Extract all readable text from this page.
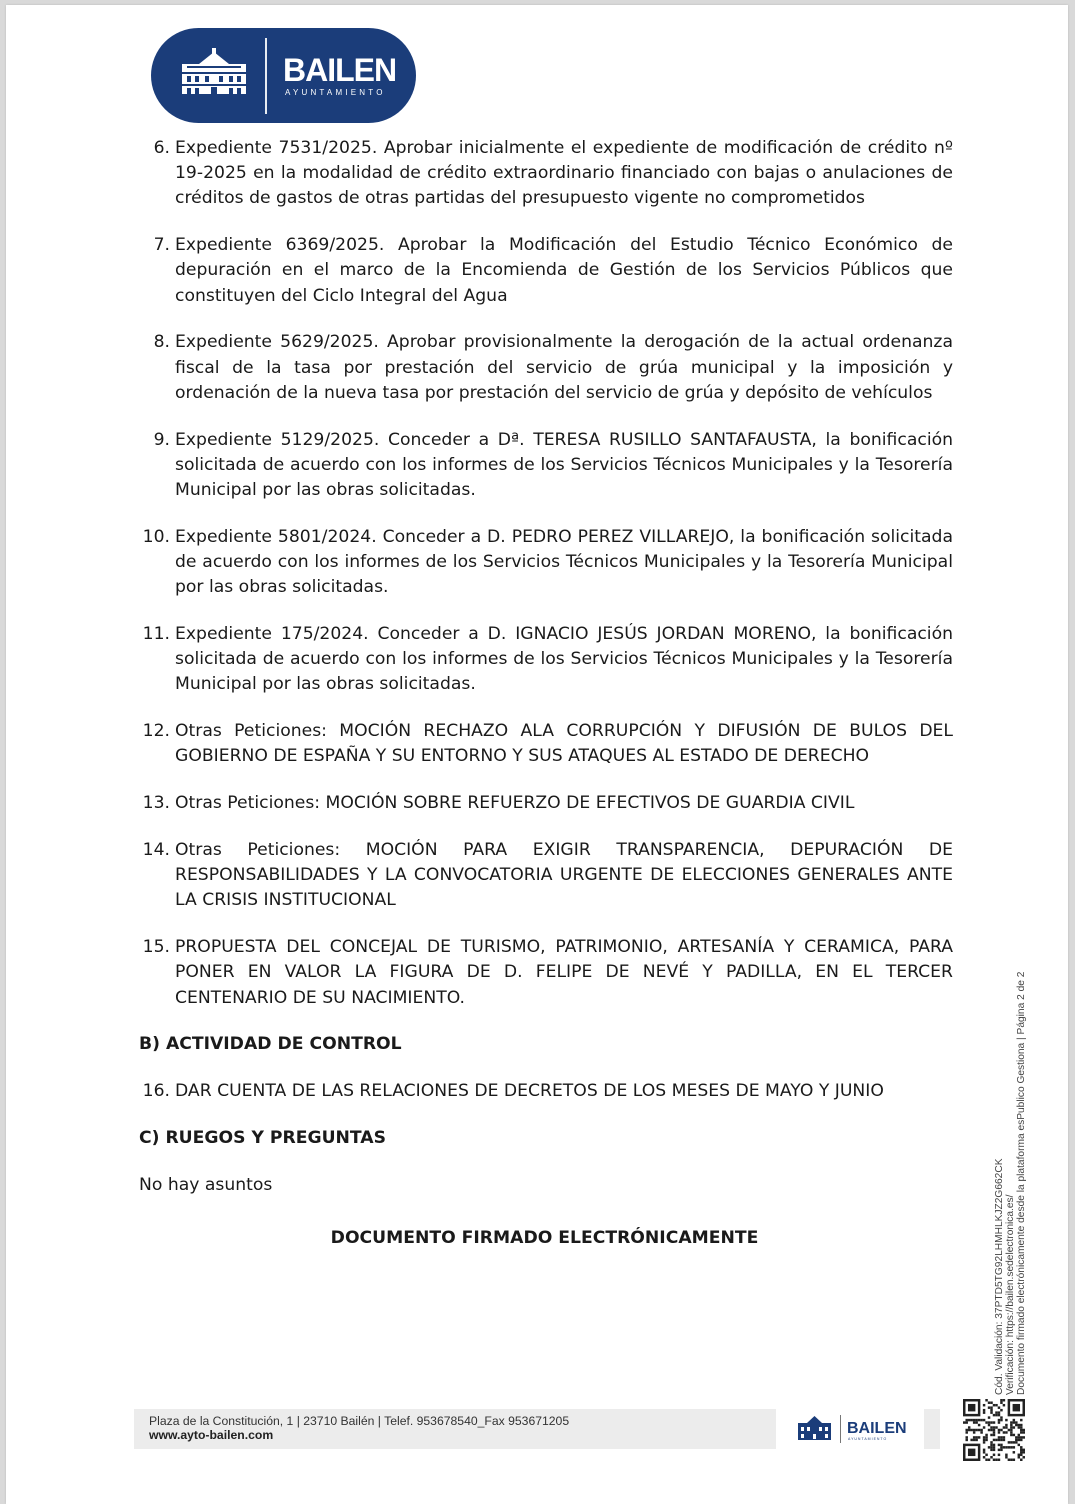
BAILEN
AYUNTAMIENTO
6. Expediente 7531/2025. Aprobar inicialmente el expediente de modificación de crédito nº 19-2025 en la modalidad de crédito extraordinario financiado con bajas o anulaciones de créditos de gastos de otras partidas del presupuesto vigente no comprometidos
7. Expediente 6369/2025. Aprobar la Modificación del Estudio Técnico Económico de depuración en el marco de la Encomienda de Gestión de los Servicios Públicos que constituyen del Ciclo Integral del Agua
8. Expediente 5629/2025. Aprobar provisionalmente la derogación de la actual ordenanza fiscal de la tasa por prestación del servicio de grúa municipal y la imposición y ordenación de la nueva tasa por prestación del servicio de grúa y depósito de vehículos
9. Expediente 5129/2025. Conceder a Dª. TERESA RUSILLO SANTAFAUSTA, la bonificación solicitada de acuerdo con los informes de los Servicios Técnicos Municipales y la Tesorería Municipal por las obras solicitadas.
10. Expediente 5801/2024. Conceder a D. PEDRO PEREZ VILLAREJO, la bonificación solicitada de acuerdo con los informes de los Servicios Técnicos Municipales y la Tesorería Municipal por las obras solicitadas.
11. Expediente 175/2024. Conceder a D. IGNACIO JESÚS JORDAN MORENO, la bonificación solicitada de acuerdo con los informes de los Servicios Técnicos Municipales y la Tesorería Municipal por las obras solicitadas.
12. Otras Peticiones: MOCIÓN RECHAZO ALA CORRUPCIÓN Y DIFUSIÓN DE BULOS DEL GOBIERNO DE ESPAÑA Y SU ENTORNO Y SUS ATAQUES AL ESTADO DE DERECHO
13. Otras Peticiones: MOCIÓN SOBRE REFUERZO DE EFECTIVOS DE GUARDIA CIVIL
14. Otras Peticiones: MOCIÓN PARA EXIGIR TRANSPARENCIA, DEPURACIÓN DE RESPONSABILIDADES Y LA CONVOCATORIA URGENTE DE ELECCIONES GENERALES ANTE LA CRISIS INSTITUCIONAL
15. PROPUESTA DEL CONCEJAL DE TURISMO, PATRIMONIO, ARTESANÍA Y CERAMICA, PARA PONER EN VALOR LA FIGURA DE D. FELIPE DE NEVÉ Y PADILLA, EN EL TERCER CENTENARIO DE SU NACIMIENTO.
B) ACTIVIDAD DE CONTROL
16. DAR CUENTA DE LAS RELACIONES DE DECRETOS DE LOS MESES DE MAYO Y JUNIO
C) RUEGOS Y PREGUNTAS
No hay asuntos
DOCUMENTO FIRMADO ELECTRÓNICAMENTE	Cód. Validación: 37PTD5TG92LHMHLKJZ2G662CK Verificación: https://bailen.sedelectronica.es/ Documento firmado electrónicamente desde la plataforma esPublico Gestiona | Página 2 de 2
Plaza de la Constitución, 1 | 23710 Bailén | Telef. 953678540_Fax 953671205
www.ayto-bailen.com	BAILEN
AYUNTAMIENTO
